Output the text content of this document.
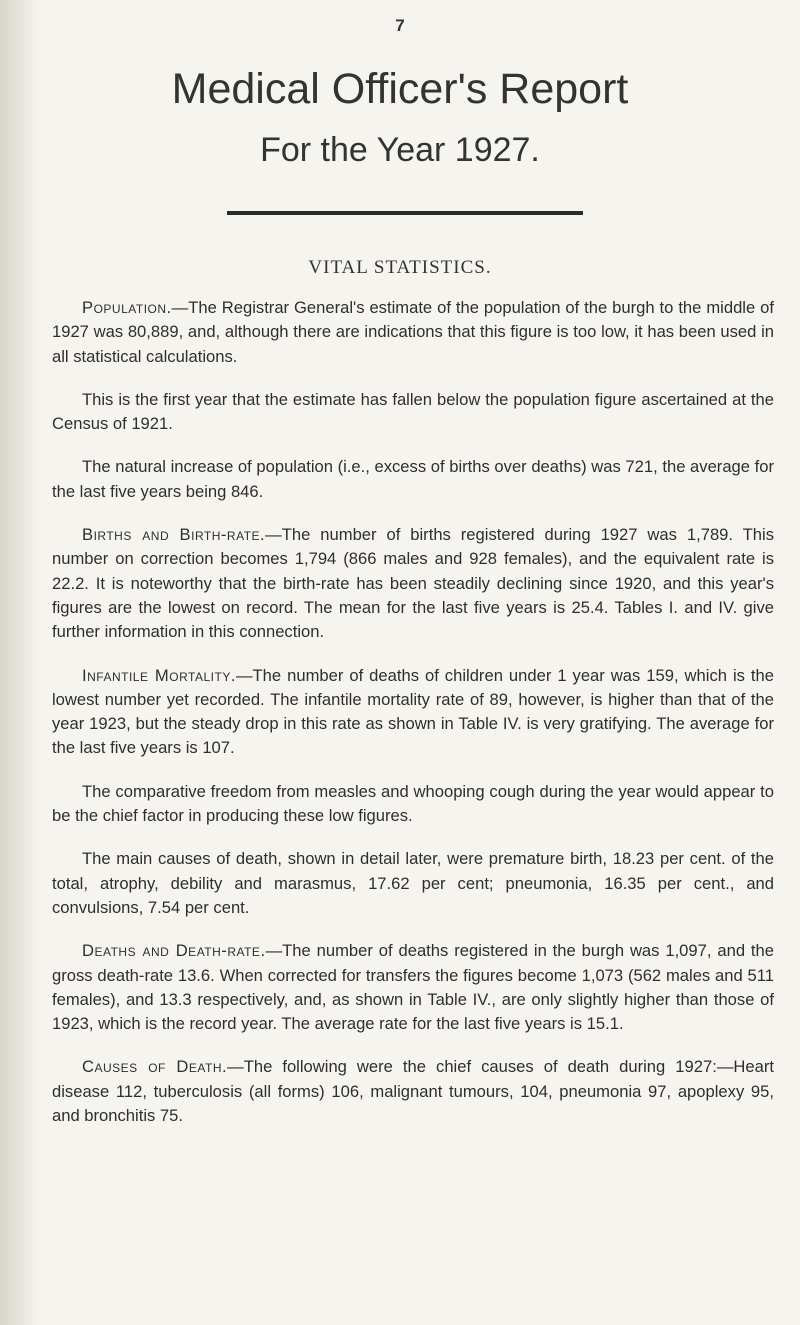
7
Medical Officer's Report
For the Year 1927.
VITAL STATISTICS.

Population.—The Registrar General's estimate of the population of the burgh to the middle of 1927 was 80,889, and, although there are indications that this figure is too low, it has been used in all statistical calculations.

This is the first year that the estimate has fallen below the population figure ascertained at the Census of 1921.

The natural increase of population (i.e., excess of births over deaths) was 721, the average for the last five years being 846.

Births and Birth-rate.—The number of births registered during 1927 was 1,789. This number on correction becomes 1,794 (866 males and 928 females), and the equivalent rate is 22.2. It is noteworthy that the birth-rate has been steadily declining since 1920, and this year's figures are the lowest on record. The mean for the last five years is 25.4. Tables I. and IV. give further information in this connection.

Infantile Mortality.—The number of deaths of children under 1 year was 159, which is the lowest number yet recorded. The infantile mortality rate of 89, however, is higher than that of the year 1923, but the steady drop in this rate as shown in Table IV. is very gratifying. The average for the last five years is 107.

The comparative freedom from measles and whooping cough during the year would appear to be the chief factor in producing these low figures.

The main causes of death, shown in detail later, were premature birth, 18.23 per cent. of the total, atrophy, debility and marasmus, 17.62 per cent; pneumonia, 16.35 per cent., and convulsions, 7.54 per cent.

Deaths and Death-rate.—The number of deaths registered in the burgh was 1,097, and the gross death-rate 13.6. When corrected for transfers the figures become 1,073 (562 males and 511 females), and 13.3 respectively, and, as shown in Table IV., are only slightly higher than those of 1923, which is the record year. The average rate for the last five years is 15.1.

Causes of Death.—The following were the chief causes of death during 1927:—Heart disease 112, tuberculosis (all forms) 106, malignant tumours, 104, pneumonia 97, apoplexy 95, and bronchitis 75.
